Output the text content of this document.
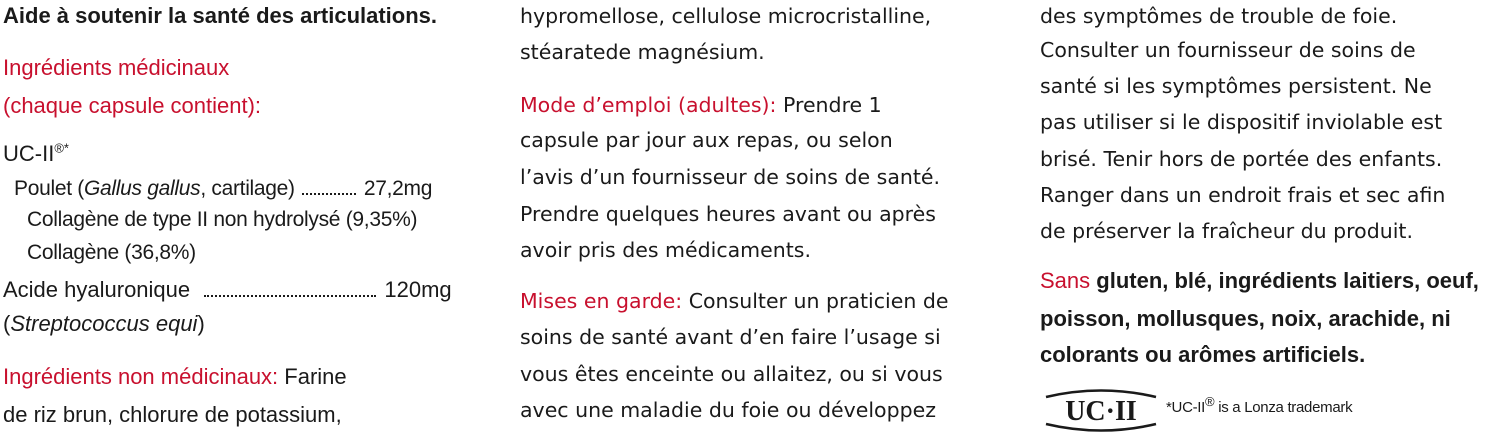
Aide à soutenir la santé des articulations.
Ingrédients médicinaux
(chaque capsule contient):
UC-II®*
Poulet (Gallus gallus, cartilage)	27,2mg
Collagène de type II non hydrolysé (9,35%)
Collagène (36,8%)
Acide hyaluronique	120mg
(Streptococcus equi)
Ingrédients non médicinaux: Farine
de riz brun, chlorure de potassium,
hypromellose, cellulose microcristalline,
stéaratede magnésium.
Mode d’emploi (adultes): Prendre 1
capsule par jour aux repas, ou selon
l’avis d’un fournisseur de soins de santé.
Prendre quelques heures avant ou après
avoir pris des médicaments.
Mises en garde: Consulter un praticien de
soins de santé avant d’en faire l’usage si
vous êtes enceinte ou allaitez, ou si vous
avec une maladie du foie ou développez
des symptômes de trouble de foie.
Consulter un fournisseur de soins de
santé si les symptômes persistent. Ne
pas utiliser si le dispositif inviolable est
brisé. Tenir hors de portée des enfants.
Ranger dans un endroit frais et sec afin
de préserver la fraîcheur du produit.
Sans gluten, blé, ingrédients laitiers, oeuf,
poisson, mollusques, noix, arachide, ni
colorants ou arômes artificiels.
UC·II *UC-II® is a Lonza trademark
